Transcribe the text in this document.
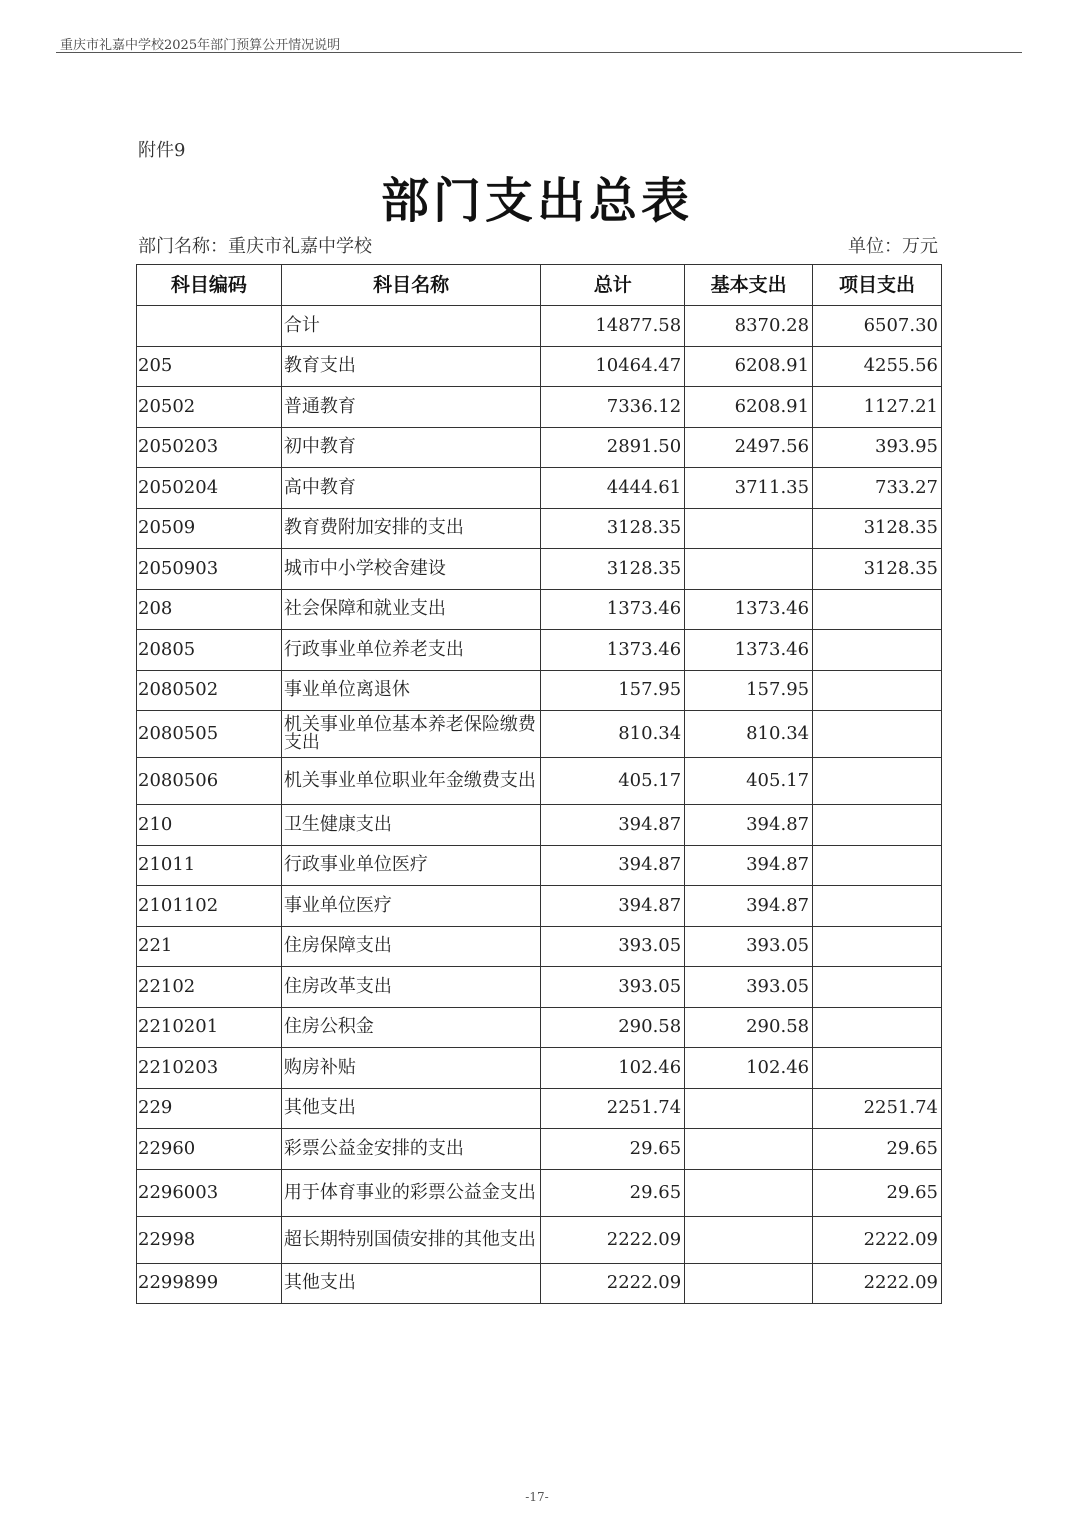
重庆市礼嘉中学校2025年部门预算公开情况说明
附件9
部门支出总表
部门名称：重庆市礼嘉中学校	单位：万元
科目编码	科目名称	总计	基本支出	项目支出
	合计	14877.58	8370.28	6507.30
205	教育支出	10464.47	6208.91	4255.56
20502	普通教育	7336.12	6208.91	1127.21
2050203	初中教育	2891.50	2497.56	393.95
2050204	高中教育	4444.61	3711.35	733.27
20509	教育费附加安排的支出	3128.35		3128.35
2050903	城市中小学校舍建设	3128.35		3128.35
208	社会保障和就业支出	1373.46	1373.46	
20805	行政事业单位养老支出	1373.46	1373.46	
2080502	事业单位离退休	157.95	157.95	
2080505	机关事业单位基本养老保险缴费支出	810.34	810.34	
2080506	机关事业单位职业年金缴费支出	405.17	405.17	
210	卫生健康支出	394.87	394.87	
21011	行政事业单位医疗	394.87	394.87	
2101102	事业单位医疗	394.87	394.87	
221	住房保障支出	393.05	393.05	
22102	住房改革支出	393.05	393.05	
2210201	住房公积金	290.58	290.58	
2210203	购房补贴	102.46	102.46	
229	其他支出	2251.74		2251.74
22960	彩票公益金安排的支出	29.65		29.65
2296003	用于体育事业的彩票公益金支出	29.65		29.65
22998	超长期特别国债安排的其他支出	2222.09		2222.09
2299899	其他支出	2222.09		2222.09
-17-
